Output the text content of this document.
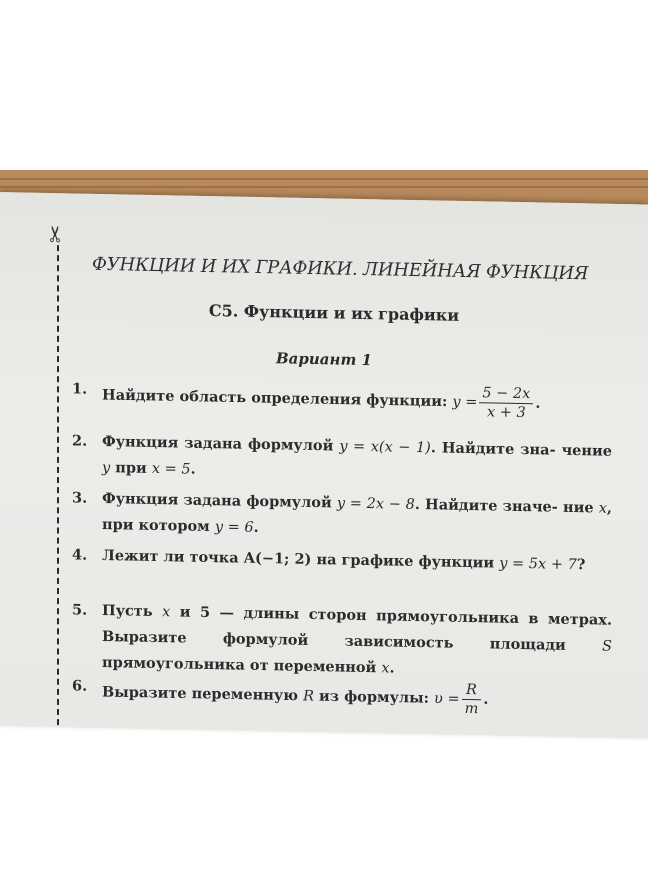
✂
ФУНКЦИИ И ИХ ГРАФИКИ. ЛИНЕЙНАЯ ФУНКЦИЯ
С5. Функции и их графики
Вариант 1
1.	Найдите область определения функции: $y = \frac{5 - 2x}{x + 3}$ .
2.	Функция задана формулой y = x(x − 1). Найдите зна- чение y при x = 5.
3.	Функция задана формулой y = 2x − 8. Найдите значе- ние x, при котором y = 6.
4.	Лежит ли точка A(−1; 2) на графике функции y = 5x + 7?
5.	Пусть x и 5 — длины сторон прямоугольника в метрах. Выразите формулой зависимость площади	S прямоугольника от переменной x.
6.	Выразите переменную R из формулы: $\upsilon = \frac{R}{m}$ .
